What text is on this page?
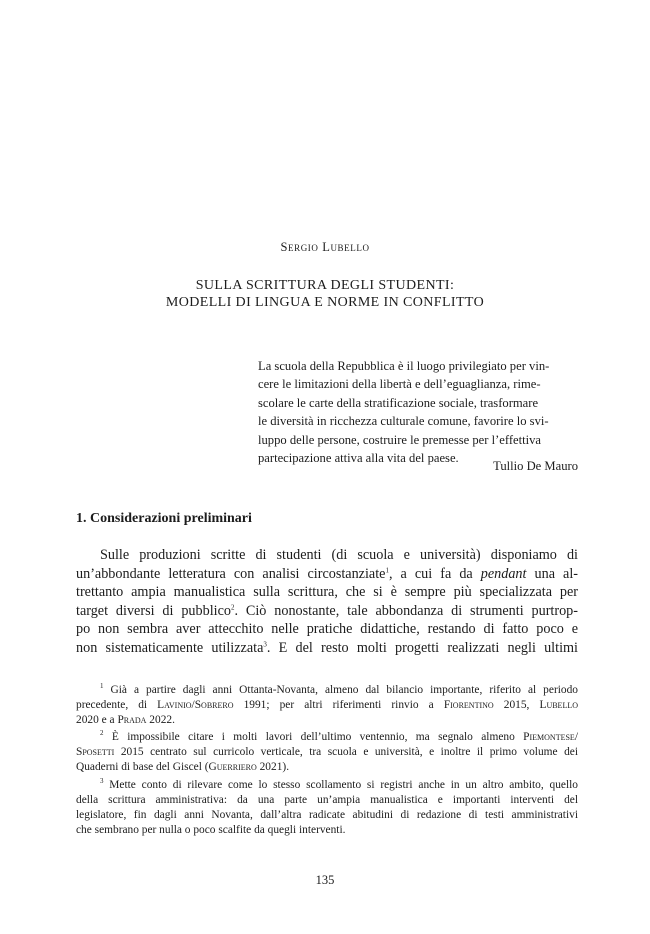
Sergio Lubello
SULLA SCRITTURA DEGLI STUDENTI:
MODELLI DI LINGUA E NORME IN CONFLITTO
La scuola della Repubblica è il luogo privilegiato per vin-
cere le limitazioni della libertà e dell’eguaglianza, rime-
scolare le carte della stratificazione sociale, trasformare
le diversità in ricchezza culturale comune, favorire lo svi-
luppo delle persone, costruire le premesse per l’effettiva
partecipazione attiva alla vita del paese.
Tullio De Mauro
1. Considerazioni preliminari
Sulle produzioni scritte di studenti (di scuola e università) disponiamo di
un’abbondante letteratura con analisi circostanziate$^1$, a cui fa da pendant una al-
trettanto ampia manualistica sulla scrittura, che si è sempre più specializzata per
target diversi di pubblico$^2$. Ciò nonostante, tale abbondanza di strumenti purtrop-
po non sembra aver attecchito nelle pratiche didattiche, restando di fatto poco e
non sistematicamente utilizzata$^3$. E del resto molti progetti realizzati negli ultimi
$^1$ Già a partire dagli anni Ottanta-Novanta, almeno dal bilancio importante, riferito al periodo
precedente, di Lavinio/Sobrero 1991; per altri riferimenti rinvio a Fiorentino 2015, Lubello
2020 e a Prada 2022.
$^2$ È impossibile citare i molti lavori dell’ultimo ventennio, ma segnalo almeno Piemontese/
Sposetti 2015 centrato sul curricolo verticale, tra scuola e università, e inoltre il primo volume dei
Quaderni di base del Giscel (Guerriero 2021).
$^3$ Mette conto di rilevare come lo stesso scollamento si registri anche in un altro ambito, quello
della scrittura amministrativa: da una parte un’ampia manualistica e importanti interventi del
legislatore, fin dagli anni Novanta, dall’altra radicate abitudini di redazione di testi amministrativi
che sembrano per nulla o poco scalfite da quegli interventi.
135
